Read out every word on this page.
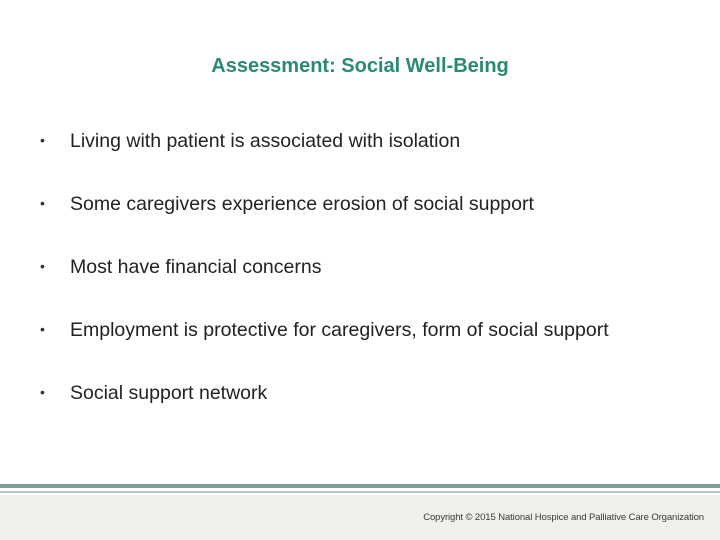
Assessment: Social Well-Being
•	Living with patient is associated with isolation
•	Some caregivers experience erosion of social support
•	Most have financial concerns
•	Employment is protective for caregivers, form of social support
•	Social support network
Copyright © 2015 National Hospice and Palliative Care Organization
